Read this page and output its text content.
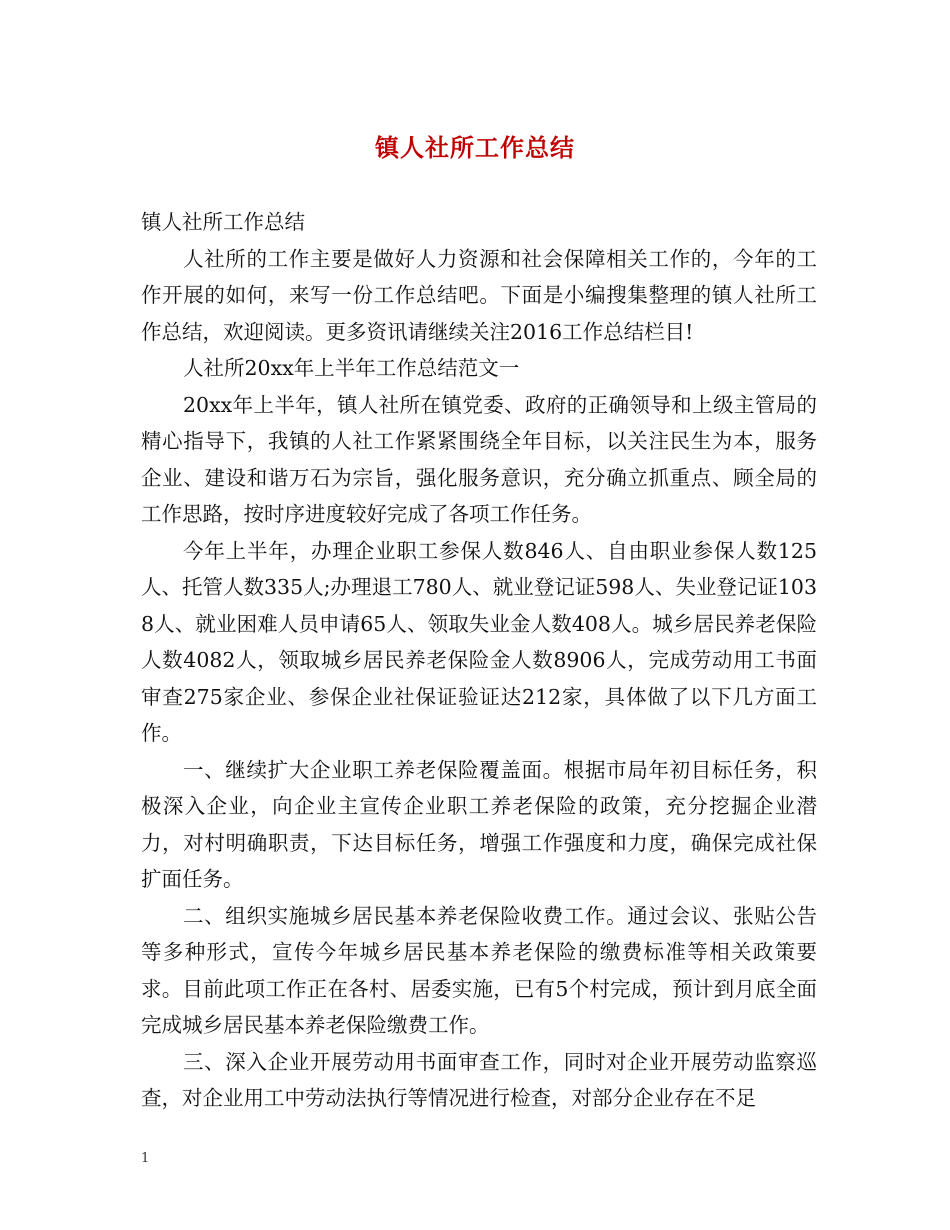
镇人社所工作总结

镇人社所工作总结

人社所的工作主要是做好人力资源和社会保障相关工作的，今年的工作开展的如何，来写一份工作总结吧。下面是小编搜集整理的镇人社所工作总结，欢迎阅读。更多资讯请继续关注2016工作总结栏目!

人社所20xx年上半年工作总结范文一

20xx年上半年，镇人社所在镇党委、政府的正确领导和上级主管局的精心指导下，我镇的人社工作紧紧围绕全年目标，以关注民生为本，服务企业、建设和谐万石为宗旨，强化服务意识，充分确立抓重点、顾全局的工作思路，按时序进度较好完成了各项工作任务。

今年上半年，办理企业职工参保人数846人、自由职业参保人数125人、托管人数335人;办理退工780人、就业登记证598人、失业登记证1038人、就业困难人员申请65人、领取失业金人数408人。城乡居民养老保险人数4082人，领取城乡居民养老保险金人数8906人，完成劳动用工书面审查275家企业、参保企业社保证验证达212家，具体做了以下几方面工作。

一、继续扩大企业职工养老保险覆盖面。根据市局年初目标任务，积极深入企业，向企业主宣传企业职工养老保险的政策，充分挖掘企业潜力，对村明确职责，下达目标任务，增强工作强度和力度，确保完成社保扩面任务。

二、组织实施城乡居民基本养老保险收费工作。通过会议、张贴公告等多种形式，宣传今年城乡居民基本养老保险的缴费标准等相关政策要求。目前此项工作正在各村、居委实施，已有5个村完成，预计到月底全面完成城乡居民基本养老保险缴费工作。

三、深入企业开展劳动用书面审查工作，同时对企业开展劳动监察巡查，对企业用工中劳动法执行等情况进行检查，对部分企业存在不足

1
